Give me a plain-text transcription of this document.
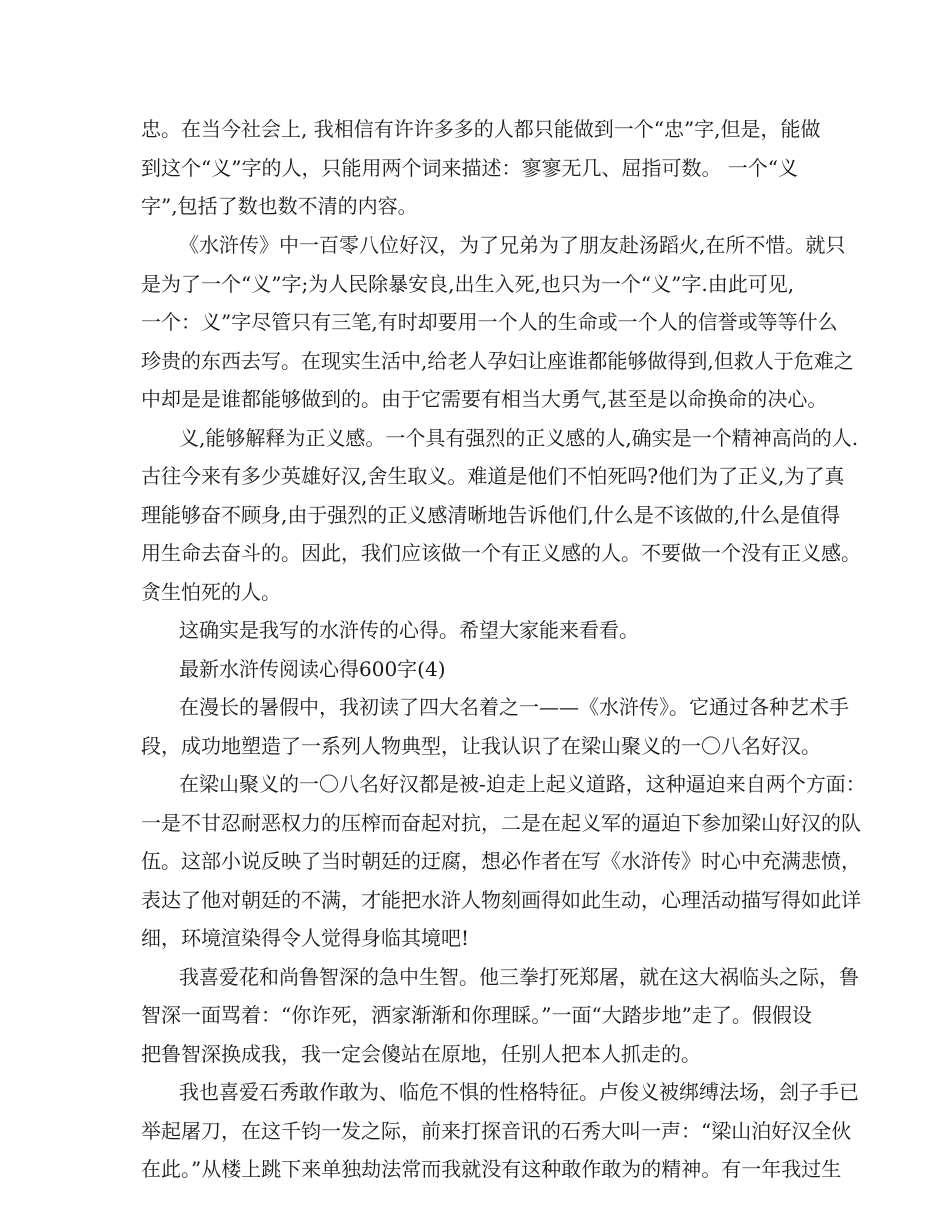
忠。在当今社会上, 我相信有许许多多的人都只能做到一个“忠”字,但是，能做
到这个“义”字的人，只能用两个词来描述：寥寥无几、屈指可数。 一个“义
字”,包括了数也数不清的内容。
《水浒传》中一百零八位好汉，为了兄弟为了朋友赴汤蹈火,在所不惜。就只
是为了一个“义”字;为人民除暴安良,出生入死,也只为一个“义”字.由此可见,
一个：义”字尽管只有三笔,有时却要用一个人的生命或一个人的信誉或等等什么
珍贵的东西去写。在现实生活中,给老人孕妇让座谁都能够做得到,但救人于危难之
中却是是谁都能够做到的。由于它需要有相当大勇气,甚至是以命换命的决心。
义,能够解释为正义感。一个具有强烈的正义感的人,确实是一个精神高尚的人.
古往今来有多少英雄好汉,舍生取义。难道是他们不怕死吗?他们为了正义,为了真
理能够奋不顾身,由于强烈的正义感清晰地告诉他们,什么是不该做的,什么是值得
用生命去奋斗的。因此，我们应该做一个有正义感的人。不要做一个没有正义感。
贪生怕死的人。
这确实是我写的水浒传的心得。希望大家能来看看。
最新水浒传阅读心得600字(4)
在漫长的暑假中，我初读了四大名着之一——《水浒传》。它通过各种艺术手
段，成功地塑造了一系列人物典型，让我认识了在梁山聚义的一〇八名好汉。
在梁山聚义的一〇八名好汉都是被-迫走上起义道路，这种逼迫来自两个方面：
一是不甘忍耐恶权力的压榨而奋起对抗，二是在起义军的逼迫下参加梁山好汉的队
伍。这部小说反映了当时朝廷的迂腐，想必作者在写《水浒传》时心中充满悲愤，
表达了他对朝廷的不满，才能把水浒人物刻画得如此生动，心理活动描写得如此详
细，环境渲染得令人觉得身临其境吧!
我喜爱花和尚鲁智深的急中生智。他三拳打死郑屠，就在这大祸临头之际，鲁
智深一面骂着：“你诈死，洒家渐渐和你理睬。”一面“大踏步地”走了。假假设
把鲁智深换成我，我一定会傻站在原地，任别人把本人抓走的。
我也喜爱石秀敢作敢为、临危不惧的性格特征。卢俊义被绑缚法场，刽子手已
举起屠刀，在这千钧一发之际，前来打探音讯的石秀大叫一声：“梁山泊好汉全伙
在此。”从楼上跳下来单独劫法常而我就没有这种敢作敢为的精神。有一年我过生
